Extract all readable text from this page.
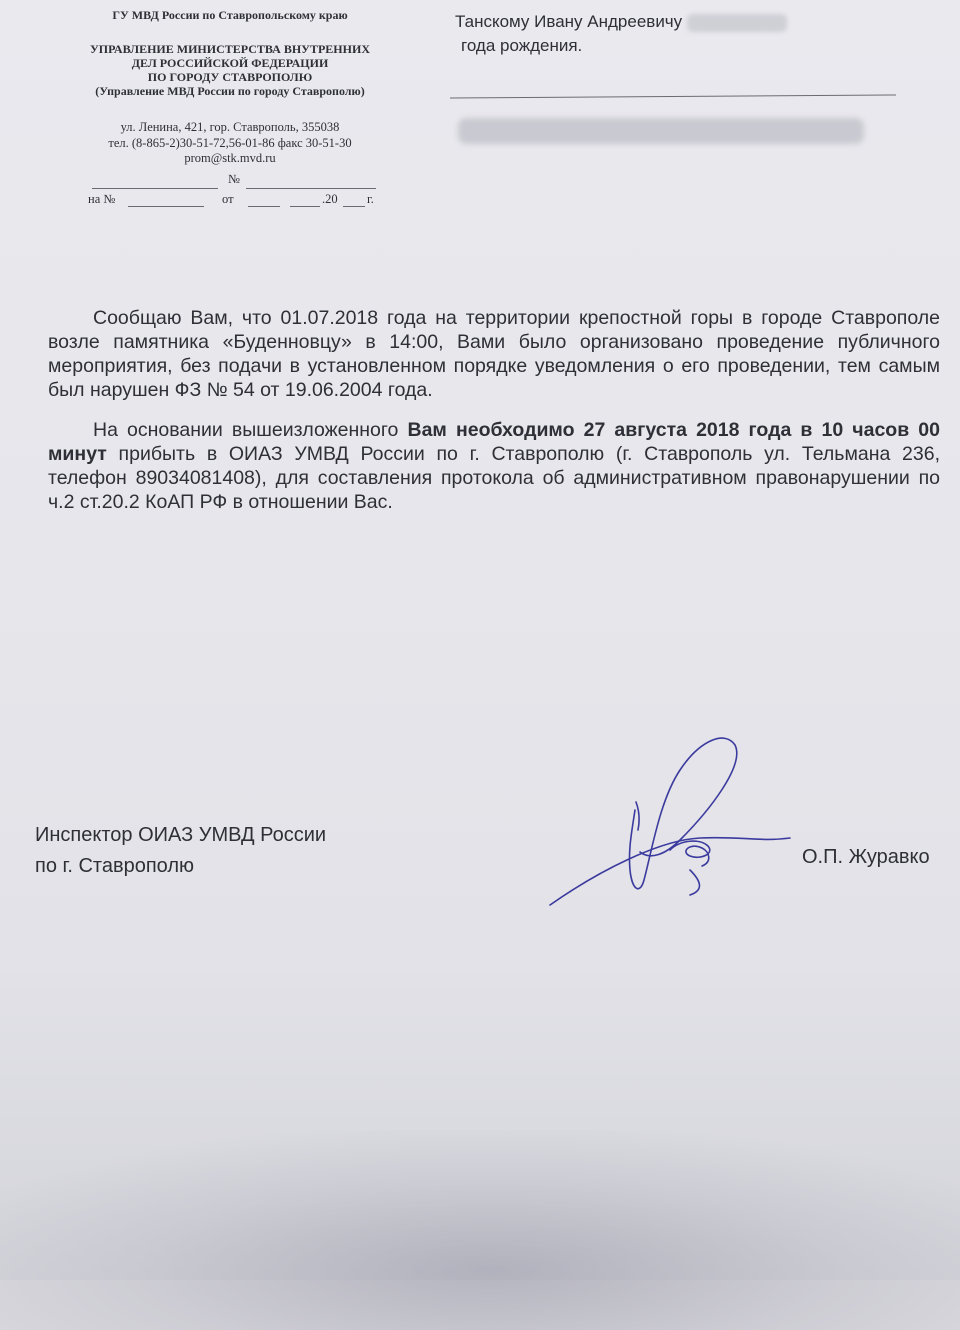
ГУ МВД России по Ставропольскому краю
УПРАВЛЕНИЕ МИНИСТЕРСТВА ВНУТРЕННИХ
ДЕЛ РОССИЙСКОЙ ФЕДЕРАЦИИ
ПО ГОРОДУ СТАВРОПОЛЮ
(Управление МВД России по городу Ставрополю)
ул. Ленина, 421, гор. Ставрополь, 355038
тел. (8-865-2)30-51-72,56-01-86 факс 30-51-30
prom@stk.mvd.ru
№
на №	от	.20 г.
Танскому Ивану Андреевичу
года рождения.

Сообщаю Вам, что 01.07.2018 года на территории крепостной горы в городе Ставрополе возле памятника «Буденновцу» в 14:00, Вами было организовано проведение публичного мероприятия, без подачи в установленном порядке уведомления о его проведении, тем самым был нарушен ФЗ № 54 от 19.06.2004 года.

На основании вышеизложенного Вам необходимо 27 августа 2018 года в 10 часов 00 минут прибыть в ОИАЗ УМВД России по г. Ставрополю (г. Ставрополь ул. Тельмана 236, телефон 89034081408), для составления протокола об административном правонарушении по ч.2 ст.20.2 КоАП РФ в отношении Вас.

Инспектор ОИАЗ УМВД России
по г. Ставрополю	О.П. Журавко
